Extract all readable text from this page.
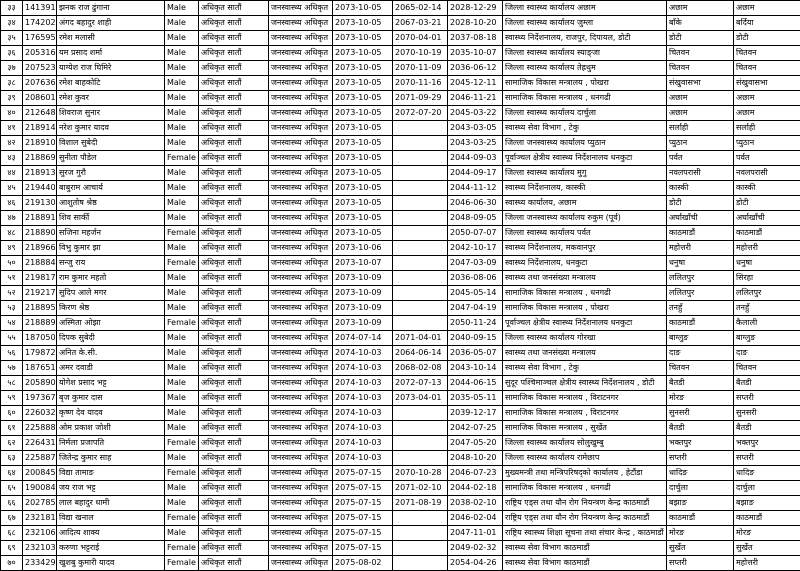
३३	141391	झनक राज ढुंगाना	Male	अधिकृत सातौं	जनस्वास्थ्य अधिकृत	2073-10-05	2065-02-14	2028-12-29	जिल्ला स्वास्थ्य कार्यालय अछाम	अछाम	अछाम
३४	174202	अंगद बहादुर शाही	Male	अधिकृत सातौं	जनस्वास्थ्य अधिकृत	2073-10-05	2067-03-21	2028-10-20	जिल्ला स्वास्थ्य कार्यालय जुम्ला	बाँके	बर्दिया
३५	176595	रमेश मलासी	Male	अधिकृत सातौं	जनस्वास्थ्य अधिकृत	2073-10-05	2070-04-01	2037-08-18	स्वास्थ्य निर्देशनालय, राजपुर, दिपायल, डोटी	डोटी	डोटी
३६	205316	यम प्रसाद शर्मा	Male	अधिकृत सातौं	जनस्वास्थ्य अधिकृत	2073-10-05	2070-10-19	2035-10-07	जिल्ला स्वास्थ्य कार्यालय स्याङ्जा	चितवन	चितवन
३७	207523	याग्येश राज घिमिरे	Male	अधिकृत सातौं	जनस्वास्थ्य अधिकृत	2073-10-05	2070-11-09	2036-06-12	जिल्ला स्वास्थ्य कार्यालय तेह्रथुम	चितवन	चितवन
३८	207636	रमेश बाहकोटि	Male	अधिकृत सातौं	जनस्वास्थ्य अधिकृत	2073-10-05	2070-11-16	2045-12-11	सामाजिक विकास मन्त्रालय , पोखरा	संखुवासभा	संखुवासभा
३९	208601	रमेश कुवर	Male	अधिकृत सातौं	जनस्वास्थ्य अधिकृत	2073-10-05	2071-09-29	2046-11-21	सामाजिक विकास मन्त्रालय , धनगढी	अछाम	अछाम
४०	212648	शिवराज सुनार	Male	अधिकृत सातौं	जनस्वास्थ्य अधिकृत	2073-10-05	2072-07-20	2045-03-22	जिल्ला स्वास्थ्य कार्यालय दार्चुला	अछाम	अछाम
४१	218914	नरेश कुमार यादव	Male	अधिकृत सातौं	जनस्वास्थ्य अधिकृत	2073-10-05		2043-03-05	स्वास्थ्य सेवा विभाग , टेकु	सर्लाही	सर्लाही
४२	218910	विशाल सुबेदी	Male	अधिकृत सातौं	जनस्वास्थ्य अधिकृत	2073-10-05		2043-03-25	जिल्ला जनस्वास्थ्य कार्यालय प्युठान	प्युठान	प्युठान
४३	218869	सुनीता पौडेल	Female	अधिकृत सातौं	जनस्वास्थ्य अधिकृत	2073-10-05		2044-09-03	पूर्वाञ्चल क्षेत्रीय स्वास्थ्य निर्देशनालय धनकुटा	पर्वत	पर्वत
४४	218913	सुरज गुरौ	Male	अधिकृत सातौं	जनस्वास्थ्य अधिकृत	2073-10-05		2044-09-17	जिल्ला स्वास्थ्य कार्यालय मुगु	नवलपरासी	नवलपरासी
४५	219440	बाबुराम आचार्य	Male	अधिकृत सातौं	जनस्वास्थ्य अधिकृत	2073-10-05		2044-11-12	स्वास्थ्य निर्देशनालय, कास्की	कास्की	कास्की
४६	219130	आशुतोष श्रेष्ठ	Male	अधिकृत सातौं	जनस्वास्थ्य अधिकृत	2073-10-05		2046-06-30	स्वास्थ्य कार्यालय, अछाम	डोटी	डोटी
४७	218891	शिव सार्की	Male	अधिकृत सातौं	जनस्वास्थ्य अधिकृत	2073-10-05		2048-09-05	जिल्ला जनस्वास्थ्य कार्यालय रुकुम (पूर्व)	अर्घाखाँची	अर्घाखाँची
४८	218890	सजिना महर्जन	Female	अधिकृत सातौं	जनस्वास्थ्य अधिकृत	2073-10-05		2050-07-07	जिल्ला स्वास्थ्य कार्यालय पर्वत	काठमाडौं	काठमाडौं
४९	218966	विभु कुमार झा	Male	अधिकृत सातौं	जनस्वास्थ्य अधिकृत	2073-10-06		2042-10-17	स्वास्थ्य निर्देशनालय, मकवानपुर	महोत्तरी	महोत्तरी
५०	218884	सन्जु राय	Female	अधिकृत सातौं	जनस्वास्थ्य अधिकृत	2073-10-07		2047-03-09	स्वास्थ्य निर्देशनालय, धनकुटा	धनुषा	धनुषा
५१	219817	राम कुमार महतो	Male	अधिकृत सातौं	जनस्वास्थ्य अधिकृत	2073-10-09		2036-08-06	स्वास्थ्य तथा जनसंख्या मन्त्रालय	ललितपुर	सिरहा
५२	219217	सुदिप आले मगर	Male	अधिकृत सातौं	जनस्वास्थ्य अधिकृत	2073-10-09		2045-05-14	सामाजिक विकास मन्त्रालय , धनगढी	ललितपुर	ललितपुर
५३	218895	किरण श्रेष्ठ	Male	अधिकृत सातौं	जनस्वास्थ्य अधिकृत	2073-10-09		2047-04-19	सामाजिक विकास मन्त्रालय , पोखरा	तनहुँ	तनहुँ
५४	218889	अस्मिता ओझा	Female	अधिकृत सातौं	जनस्वास्थ्य अधिकृत	2073-10-09		2050-11-24	पूर्वाञ्चल क्षेत्रीय स्वास्थ्य निर्देशनालय धनकुटा	काठमाडौं	कैलाली
५५	187050	दिपक सुबेदी	Male	अधिकृत सातौं	जनस्वास्थ्य अधिकृत	2074-07-14	2071-04-01	2040-09-15	जिल्ला स्वास्थ्य कार्यालय गोरखा	बाग्लुङ	बाग्लुङ
५६	179872	अनित के.सी.	Male	अधिकृत सातौं	जनस्वास्थ्य अधिकृत	2074-10-03	2064-06-14	2036-05-07	स्वास्थ्य तथा जनसंख्या मन्त्रालय	दाङ	दाङ
५७	187651	अमर दवाडी	Male	अधिकृत सातौं	जनस्वास्थ्य अधिकृत	2074-10-03	2068-02-08	2043-10-14	स्वास्थ्य सेवा विभाग , टेकु	चितवन	चितवन
५८	205890	योगेश प्रसाद भट्ट	Male	अधिकृत सातौं	जनस्वास्थ्य अधिकृत	2074-10-03	2072-07-13	2044-06-15	सुदूर पश्चिमाञ्चल क्षेत्रीय स्वास्थ्य निर्देशनालय , डोटी	बैतडी	बैतडी
५९	197367	बृज कुमार दास	Male	अधिकृत सातौं	जनस्वास्थ्य अधिकृत	2074-10-03	2073-04-01	2035-05-11	सामाजिक विकास मन्त्रालय , विराटनगर	मोरङ	सप्तरी
६०	226032	कृष्ण देव यादव	Male	अधिकृत सातौं	जनस्वास्थ्य अधिकृत	2074-10-03		2039-12-17	सामाजिक विकास मन्त्रालय , विराटनगर	सुनसरी	सुनसरी
६१	225888	ओम प्रकाश जोशी	Male	अधिकृत सातौं	जनस्वास्थ्य अधिकृत	2074-10-03		2042-07-25	सामाजिक विकास मन्त्रालय , सुर्खेत	बैतडी	बैतडी
६२	226431	निर्मला प्रजापति	Female	अधिकृत सातौं	जनस्वास्थ्य अधिकृत	2074-10-03		2047-05-20	जिल्ला स्वास्थ्य कार्यालय सोलुखुम्बु	भक्तपुर	भक्तपुर
६३	225887	जितेन्द्र कुमार साह	Male	अधिकृत सातौं	जनस्वास्थ्य अधिकृत	2074-10-03		2048-10-20	जिल्ला स्वास्थ्य कार्यालय रामेछाप	सप्तरी	सप्तरी
६४	200845	विद्या तामाङ	Female	अधिकृत सातौं	जनस्वास्थ्य अधिकृत	2075-07-15	2070-10-28	2046-07-23	मुख्यमन्त्री तथा मन्त्रिपरिषद्को कार्यालय , हेटौंडा	धादिङ	धादिङ
६५	190084	जय राज भट्ट	Male	अधिकृत सातौं	जनस्वास्थ्य अधिकृत	2075-07-15	2071-02-10	2044-02-18	सामाजिक विकास मन्त्रालय , धनगढी	दार्चुला	दार्चुला
६६	202785	लाल बहादुर धामी	Male	अधिकृत सातौं	जनस्वास्थ्य अधिकृत	2075-07-15	2071-08-19	2038-02-10	राष्ट्रिय एड्स तथा यौन रोग नियन्त्रण केन्द्र काठमाडौं	बझाङ	बझाङ
६७	232181	विद्या खनाल	Female	अधिकृत सातौं	जनस्वास्थ्य अधिकृत	2075-07-15		2046-02-04	राष्ट्रिय एड्स तथा यौन रोग नियन्त्रण केन्द्र काठमाडौं	काठमाडौं	काठमाडौं
६८	232106	आदित्य शाक्य	Male	अधिकृत सातौं	जनस्वास्थ्य अधिकृत	2075-07-15		2047-11-01	राष्ट्रिय स्वास्थ्य शिक्षा सूचना तथा संचार केन्द्र , काठमाडौं	मोरङ	मोरङ
६९	232103	करुणा भट्टराई	Female	अधिकृत सातौं	जनस्वास्थ्य अधिकृत	2075-07-15		2049-02-32	स्वास्थ्य सेवा विभाग काठमाडौं	सुर्खेत	सुर्खेत
७०	233429	खुशबु कुमारी यादव	Female	अधिकृत सातौं	जनस्वास्थ्य अधिकृत	2075-08-02		2054-04-26	स्वास्थ्य सेवा विभाग काठमाडौं	सप्तरी	महोत्तरी
